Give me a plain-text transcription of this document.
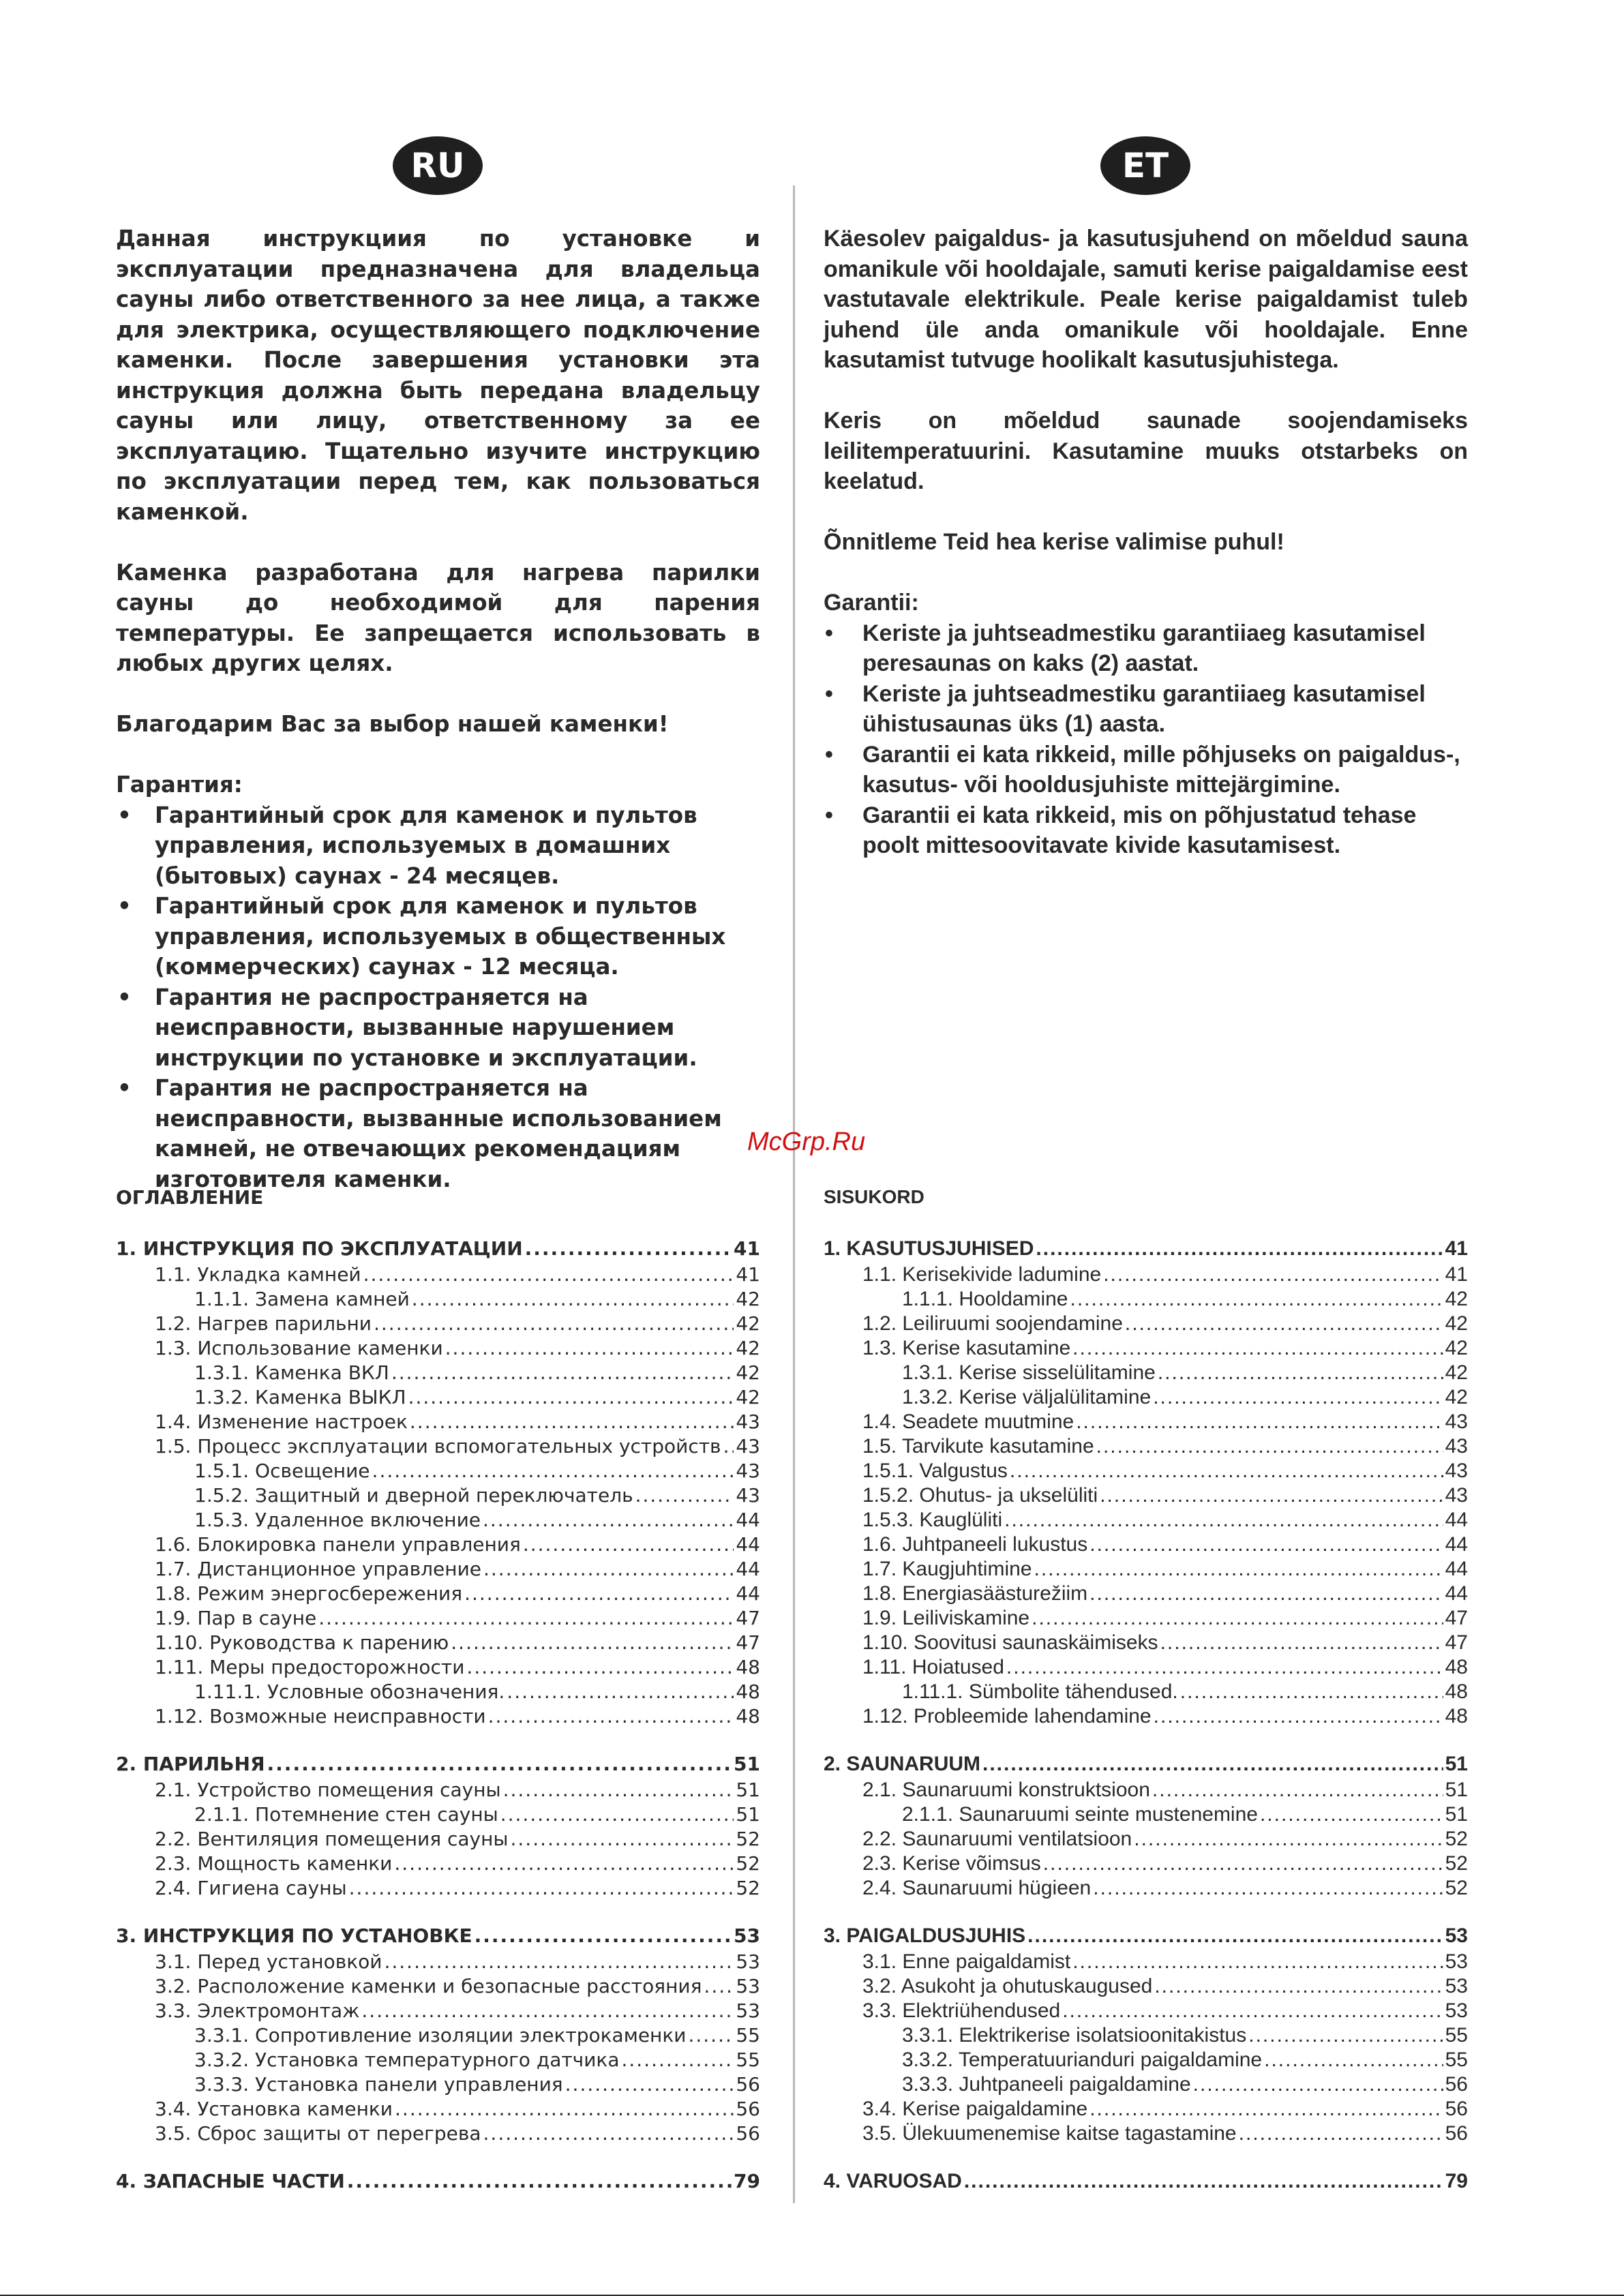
RU

Данная инструкциия по установке и эксплуатации предназначена для владельца сауны либо ответственного за нее лица, а также для электрика, осуществляющего подключение каменки. После завершения установки эта инструкция должна быть передана владельцу сауны или лицу, ответственному за ее эксплуатацию. Тщательно изучите инструкцию по эксплуатации перед тем, как пользоваться каменкой.

Каменка разработана для нагрева парилки сауны до необходимой для парения температуры. Ее запрещается использовать в любых других целях.

Благодарим Вас за выбор нашей каменки!

Гарантия:

• Гарантийный срок для каменок и пультов управления, используемых в домашних (бытовых) саунах - 24 месяцев.
• Гарантийный срок для каменок и пультов управления, используемых в общественных (коммерческих) саунах - 12 месяца.
• Гарантия не распространяется на неисправности, вызванные нарушением инструкции по установке и эксплуатации.
• Гарантия не распространяется на неисправности, вызванные использованием камней, не отвечающих рекомендациям изготовителя каменки.
ET

Käesolev paigaldus- ja kasutusjuhend on mõeldud sauna omanikule või hooldajale, samuti kerise paigaldamise eest vastutavale elektrikule. Peale kerise paigaldamist tuleb juhend üle anda omanikule või hooldajale. Enne kasutamist tutvuge hoolikalt kasutusjuhistega.

Keris on mõeldud saunade soojendamiseks leilitemperatuurini. Kasutamine muuks otstarbeks on keelatud.

Õnnitleme Teid hea kerise valimise puhul!

Garantii:

• Keriste ja juhtseadmestiku garantiiaeg kasutamisel peresaunas on kaks (2) aastat.
• Keriste ja juhtseadmestiku garantiiaeg kasutamisel ühistusaunas üks (1) aasta.
• Garantii ei kata rikkeid, mille põhjuseks on paigaldus-, kasutus- või hooldusjuhiste mittejärgimine.
• Garantii ei kata rikkeid, mis on põhjustatud tehase poolt mittesoovitavate kivide kasutamisest.
McGrp.Ru
ОГЛАВЛЕНИЕ
1. ИНСТРУКЦИЯ ПО ЭКСПЛУАТАЦИИ .....	41
1.1. Укладка камней .....	41
1.1.1. Замена камней .....	42
1.2. Нагрев парильни .....	42
1.3. Использование каменки .....	42
1.3.1. Каменка ВКЛ .....	42
1.3.2. Каменка ВЫКЛ .....	42
1.4. Изменение настроек .....	43
1.5. Процесс эксплуатации вспомогательных устройств ..... 43
1.5.1. Освещение .....	43
1.5.2. Защитный и дверной переключатель .....	43
1.5.3. Удаленное включение .....	44
1.6. Блокировка панели управления .....	44
1.7. Дистанционное управление .....	44
1.8. Режим энергосбережения .....	44
1.9. Пар в сауне .....	47
1.10. Руководства к парению .....	47
1.11. Меры предосторожности .....	48
1.11.1. Условные обозначения. .....	48
1.12. Возможные неисправности .....	48
2. ПАРИЛЬНЯ .....	51
2.1. Устройство помещения сауны .....	51
2.1.1. Потемнение стен сауны .....	51
2.2. Вентиляция помещения сауны .....	52
2.3. Мощность каменки .....	52
2.4. Гигиена сауны .....	52
3. ИНСТРУКЦИЯ ПО УСТАНОВКЕ .....	53
3.1. Перед установкой .....	53
3.2. Расположение каменки и безопасные расстояния ..... 53
3.3. Электромонтаж .....	53
3.3.1. Сопротивление изоляции электрокаменки .....	55
3.3.2. Установка температурного датчика .....	55
3.3.3. Установка панели управления .....	56
3.4. Установка каменки .....	56
3.5. Сброс защиты от перегрева .....	56
4. ЗАПАСНЫЕ ЧАСТИ .....	79
SISUKORD
1. KASUTUSJUHISED .....	41
1.1. Kerisekivide ladumine .....	41
1.1.1. Hooldamine .....	42
1.2. Leiliruumi soojendamine .....	42
1.3. Kerise kasutamine .....	42
1.3.1. Kerise sisselülitamine .....	42
1.3.2. Kerise väljalülitamine .....	42
1.4. Seadete muutmine .....	43
1.5. Tarvikute kasutamine .....	43
1.5.1. Valgustus .....	43
1.5.2. Ohutus- ja ukselüliti .....	43
1.5.3. Kauglüliti .....	44
1.6. Juhtpaneeli lukustus .....	44
1.7. Kaugjuhtimine .....	44
1.8. Energiasäästurežiim .....	44
1.9. Leiliviskamine .....	47
1.10. Soovitusi saunaskäimiseks .....	47
1.11. Hoiatused .....	48
1.11.1. Sümbolite tähendused. .....	48
1.12. Probleemide lahendamine .....	48
2. SAUNARUUM .....	51
2.1. Saunaruumi konstruktsioon .....	51
2.1.1. Saunaruumi seinte mustenemine .....	51
2.2. Saunaruumi ventilatsioon .....	52
2.3. Kerise võimsus .....	52
2.4. Saunaruumi hügieen .....	52
3. PAIGALDUSJUHIS .....	53
3.1. Enne paigaldamist .....	53
3.2. Asukoht ja ohutuskaugused .....	53
3.3. Elektriühendused .....	53
3.3.1. Elektrikerise isolatsioonitakistus .....	55
3.3.2. Temperatuurianduri paigaldamine .....	55
3.3.3. Juhtpaneeli paigaldamine .....	56
3.4. Kerise paigaldamine .....	56
3.5. Ülekuumenemise kaitse tagastamine .....	56
4. VARUOSAD .....	79
